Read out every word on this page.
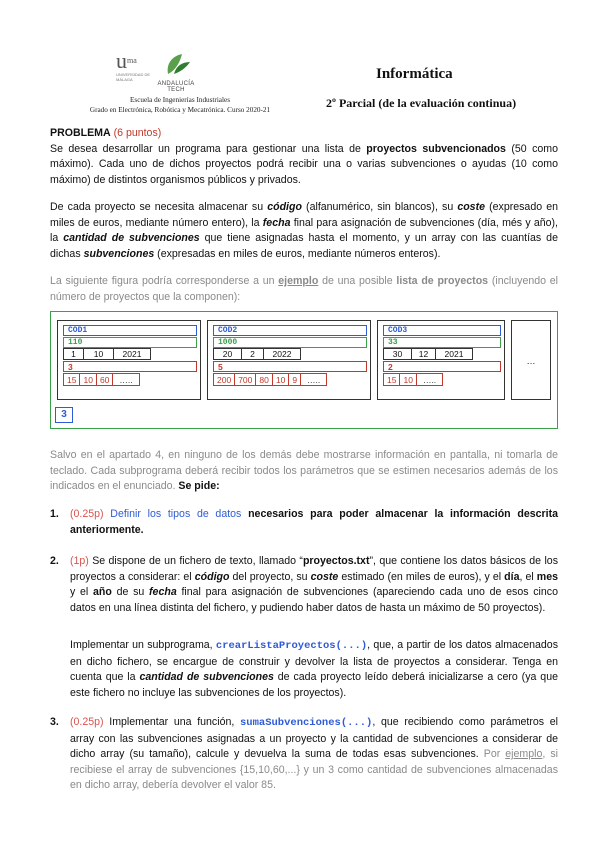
$u^{ma}$
UNIVERSIDAD DE MÁLAGA
ANDALUCÍA TECH
Escuela de Ingenierías Industriales
Grado en Electrónica, Robótica y Mecatrónica. Curso 2020-21
Informática
2º Parcial (de la evaluación continua)
PROBLEMA (6 puntos)
Se desea desarrollar un programa para gestionar una lista de proyectos subvencionados (50 como máximo). Cada uno de dichos proyectos podrá recibir una o varias subvenciones o ayudas (10 como máximo) de distintos organismos públicos y privados.
De cada proyecto se necesita almacenar su código (alfanumérico, sin blancos), su coste (expresado en miles de euros, mediante número entero), la fecha final para asignación de subvenciones (día, més y año), la cantidad de subvenciones que tiene asignadas hasta el momento, y un array con las cuantías de dichas subvenciones (expresadas en miles de euros, mediante números enteros).
La siguiente figura podría corresponderse a un ejemplo de una posible lista de proyectos (incluyendo el número de proyectos que la componen):
COD1
110
1	10	2021
3
15 10 60	…..
COD2
1000
20	2	2022
5
200 700 80 10 9	…..
COD3
33
30	12	2021
2
15 10	…..
…
3
Salvo en el apartado 4, en ninguno de los demás debe mostrarse información en pantalla, ni tomarla de teclado. Cada subprograma deberá recibir todos los parámetros que se estimen necesarios además de los indicados en el enunciado. Se pide:
1. (0.25p) Definir los tipos de datos necesarios para poder almacenar la información descrita anteriormente.
2. (1p) Se dispone de un fichero de texto, llamado “proyectos.txt”, que contiene los datos básicos de los proyectos a considerar: el código del proyecto, su coste estimado (en miles de euros), y el día, el mes y el año de su fecha final para asignación de subvenciones (apareciendo cada uno de esos cinco datos en una línea distinta del fichero, y pudiendo haber datos de hasta un máximo de 50 proyectos).
Implementar un subprograma, crearListaProyectos(...), que, a partir de los datos almacenados en dicho fichero, se encargue de construir y devolver la lista de proyectos a considerar. Tenga en cuenta que la cantidad de subvenciones de cada proyecto leído deberá inicializarse a cero (ya que este fichero no incluye las subvenciones de los proyectos).
3. (0.25p) Implementar una función, sumaSubvenciones(...), que recibiendo como parámetros el array con las subvenciones asignadas a un proyecto y la cantidad de subvenciones a considerar de dicho array (su tamaño), calcule y devuelva la suma de todas esas subvenciones. Por ejemplo, si recibiese el array de subvenciones {15,10,60,...} y un 3 como cantidad de subvenciones almacenadas en dicho array, debería devolver el valor 85.
